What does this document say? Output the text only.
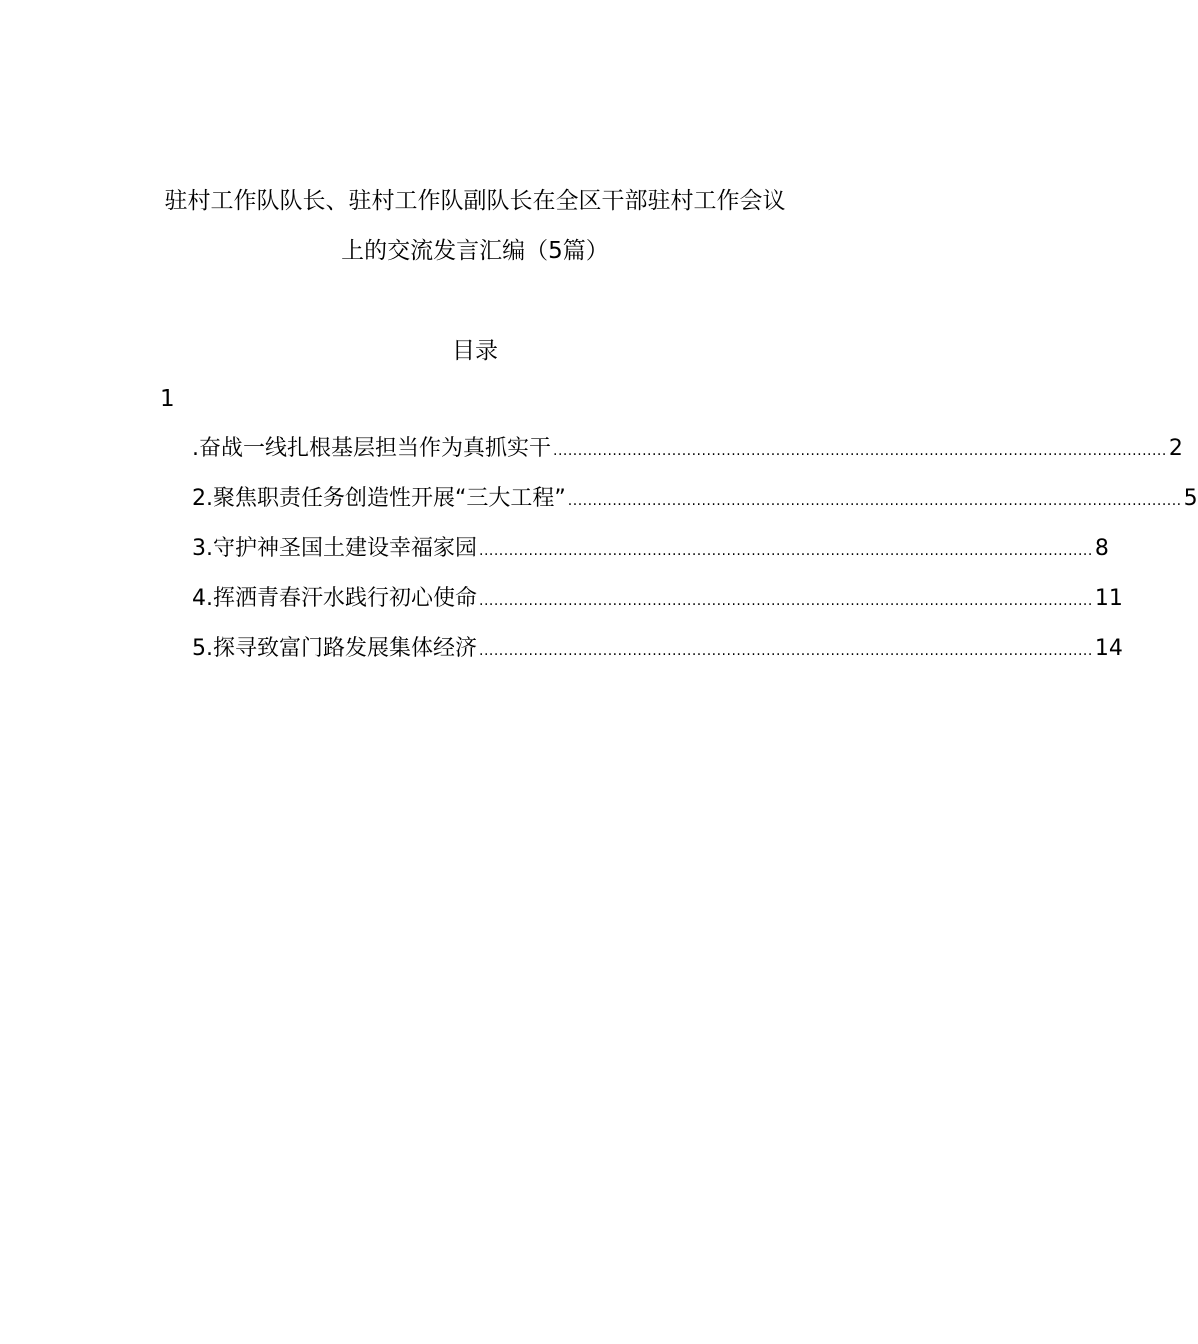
驻村工作队队长、驻村工作队副队长在全区干部驻村工作会议
上的交流发言汇编（5篇）
目录
1
.奋战一线扎根基层担当作为真抓实干 ............................................................................................................................ 2
2.聚焦职责任务创造性开展“三大工程” ............................................................................................................................ 5
3.守护神圣国土建设幸福家园 ............................................................................................................................ 8
4.挥洒青春汗水践行初心使命 ............................................................................................................................ 11
5.探寻致富门路发展集体经济 ............................................................................................................................ 14
